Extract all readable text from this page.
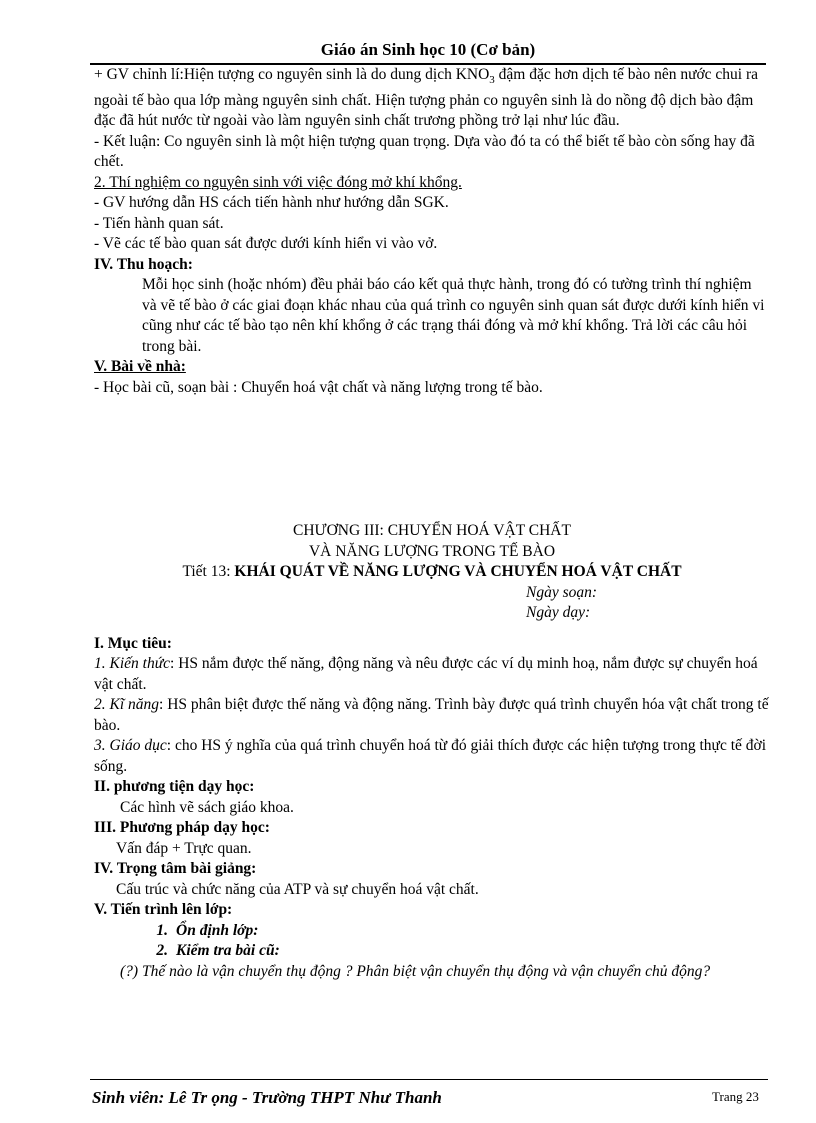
Giáo án Sinh học 10 (Cơ bản)

+ GV chỉnh lí:Hiện tượng co nguyên sinh là do dung dịch $KNO_3$ đậm đặc hơn dịch tế bào nên nước chui ra ngoài tế bào qua lớp màng nguyên sinh chất. Hiện tượng phản co nguyên sinh là do nồng độ dịch bào đậm đặc đã hút nước từ ngoài vào làm nguyên sinh chất trương phồng trở lại như lúc đầu.

- Kết luận: Co nguyên sinh là một hiện tượng quan trọng. Dựa vào đó ta có thể biết tế bào còn sống hay đã chết.

2. Thí nghiệm co nguyên sinh với việc đóng mở khí khổng.

- GV hướng dẫn HS cách tiến hành như hướng dẫn SGK.

- Tiến hành quan sát.

- Vẽ các tế bào quan sát được dưới kính hiển vi vào vở.

IV. Thu hoạch:

Mỗi học sinh (hoặc nhóm) đều phải báo cáo kết quả thực hành, trong đó có tường trình thí nghiệm và vẽ tế bào ở các giai đoạn khác nhau của quá trình co nguyên sinh quan sát được dưới kính hiển vi cũng như các tế bào tạo nên khí khổng ở các trạng thái đóng và mở khí khổng. Trả lời các câu hỏi trong bài.

V. Bài về nhà:

- Học bài cũ, soạn bài : Chuyển hoá vật chất và năng lượng trong tế bào.

CHƯƠNG III: CHUYỂN HOÁ VẬT CHẤT

VÀ NĂNG LƯỢNG TRONG TẾ BÀO

Tiết 13: KHÁI QUÁT VỀ NĂNG LƯỢNG VÀ CHUYỂN HOÁ VẬT CHẤT

Ngày soạn:

Ngày dạy:

I. Mục tiêu:

1. Kiến thức: HS nắm được thế năng, động năng và nêu được các ví dụ minh hoạ, nắm được sự chuyển hoá vật chất.

2. Kĩ năng: HS phân biệt được thế năng và động năng. Trình bày được quá trình chuyển hóa vật chất trong tế bào.

3. Giáo dục: cho HS ý nghĩa của quá trình chuyển hoá từ đó giải thích được các hiện tượng trong thực tế đời sống.

II. phương tiện dạy học:

Các hình vẽ sách giáo khoa.

III. Phương pháp dạy học:

Vấn đáp + Trực quan.

IV. Trọng tâm bài giảng:

Cấu trúc và chức năng của ATP và sự chuyển hoá vật chất.

V. Tiến trình lên lớp:

1. Ổn định lớp:

2. Kiểm tra bài cũ:

(?) Thế nào là vận chuyển thụ động ? Phân biệt vận chuyển thụ động và vận chuyển chủ động?

Sinh viên: Lê Tr ọng - Trường THPT Như Thanh	Trang 23
